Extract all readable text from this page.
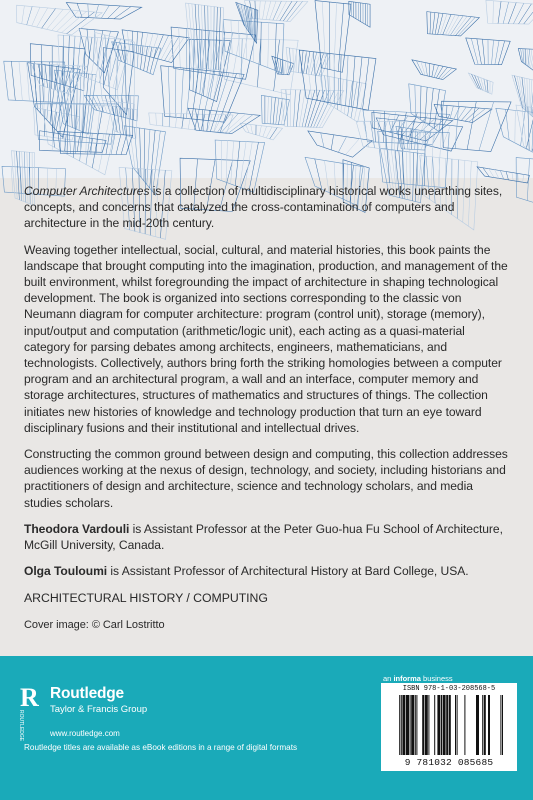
Computer Architectures is a collection of multidisciplinary historical works unearthing sites, concepts, and concerns that catalyzed the cross-contamination of computers and architecture in the mid-20th century.

Weaving together intellectual, social, cultural, and material histories, this book paints the landscape that brought computing into the imagination, production, and management of the built environment, whilst foregrounding the impact of architecture in shaping technological development. The book is organized into sections corresponding to the classic von Neumann diagram for computer architecture: program (control unit), storage (memory), input/output and computation (arithmetic/logic unit), each acting as a quasi-material category for parsing debates among architects, engineers, mathematicians, and technologists. Collectively, authors bring forth the striking homologies between a computer program and an architectural program, a wall and an interface, computer memory and storage architectures, structures of mathematics and structures of things. The collection initiates new histories of knowledge and technology production that turn an eye toward disciplinary fusions and their institutional and intellectual drives.

Constructing the common ground between design and computing, this collection addresses audiences working at the nexus of design, technology, and society, including historians and practitioners of design and architecture, science and technology scholars, and media studies scholars.

Theodora Vardouli is Assistant Professor at the Peter Guo-hua Fu School of Architecture, McGill University, Canada.

Olga Touloumi is Assistant Professor of Architectural History at Bard College, USA.

ARCHITECTURAL HISTORY / COMPUTING

Cover image: © Carl Lostritto

R
ROUTLEDGE
Routledge
Taylor & Francis Group
www.routledge.com
Routledge titles are available as eBook editions in a range of digital formats
an informa business
ISBN 978-1-03-208568-5
9 781032 085685
